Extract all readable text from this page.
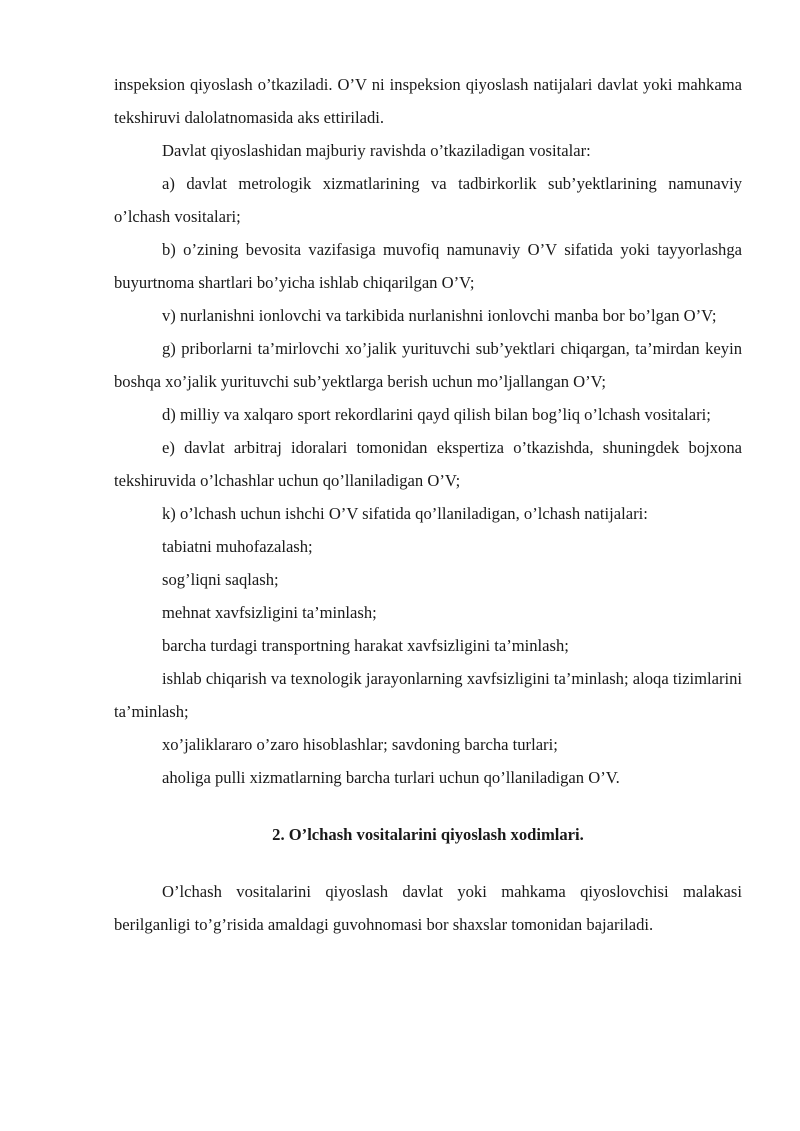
inspeksion qiyoslash o’tkaziladi. O’V ni inspeksion qiyoslash natijalari davlat yoki mahkama tekshiruvi dalolatnomasida aks ettiriladi.

Davlat qiyoslashidan majburiy ravishda o’tkaziladigan vositalar:

a) davlat metrologik xizmatlarining va tadbirkorlik sub’yektlarining namunaviy o’lchash vositalari;

b) o’zining bevosita vazifasiga muvofiq namunaviy O’V sifatida yoki tayyorlashga buyurtnoma shartlari bo’yicha ishlab chiqarilgan O’V;

v) nurlanishni ionlovchi va tarkibida nurlanishni ionlovchi manba bor bo’lgan O’V;

g) priborlarni ta’mirlovchi xo’jalik yurituvchi sub’yektlari chiqargan, ta’mirdan keyin boshqa xo’jalik yurituvchi sub’yektlarga berish uchun mo’ljallangan O’V;

d) milliy va xalqaro sport rekordlarini qayd qilish bilan bog’liq o’lchash vositalari;

e) davlat arbitraj idoralari tomonidan ekspertiza o’tkazishda, shuningdek bojxona tekshiruvida o’lchashlar uchun qo’llaniladigan O’V;

k) o’lchash uchun ishchi O’V sifatida qo’llaniladigan, o’lchash natijalari:

tabiatni muhofazalash;

sog’liqni saqlash;

mehnat xavfsizligini ta’minlash;

barcha turdagi transportning harakat xavfsizligini ta’minlash;

ishlab chiqarish va texnologik jarayonlarning xavfsizligini ta’minlash; aloqa tizimlarini ta’minlash;

xo’jaliklararo o’zaro hisoblashlar; savdoning barcha turlari;

aholiga pulli xizmatlarning barcha turlari uchun qo’llaniladigan O’V.

2. O’lchash vositalarini qiyoslash xodimlari.

O’lchash vositalarini qiyoslash davlat yoki mahkama qiyoslovchisi malakasi berilganligi to’g’risida amaldagi guvohnomasi bor shaxslar tomonidan bajariladi.
